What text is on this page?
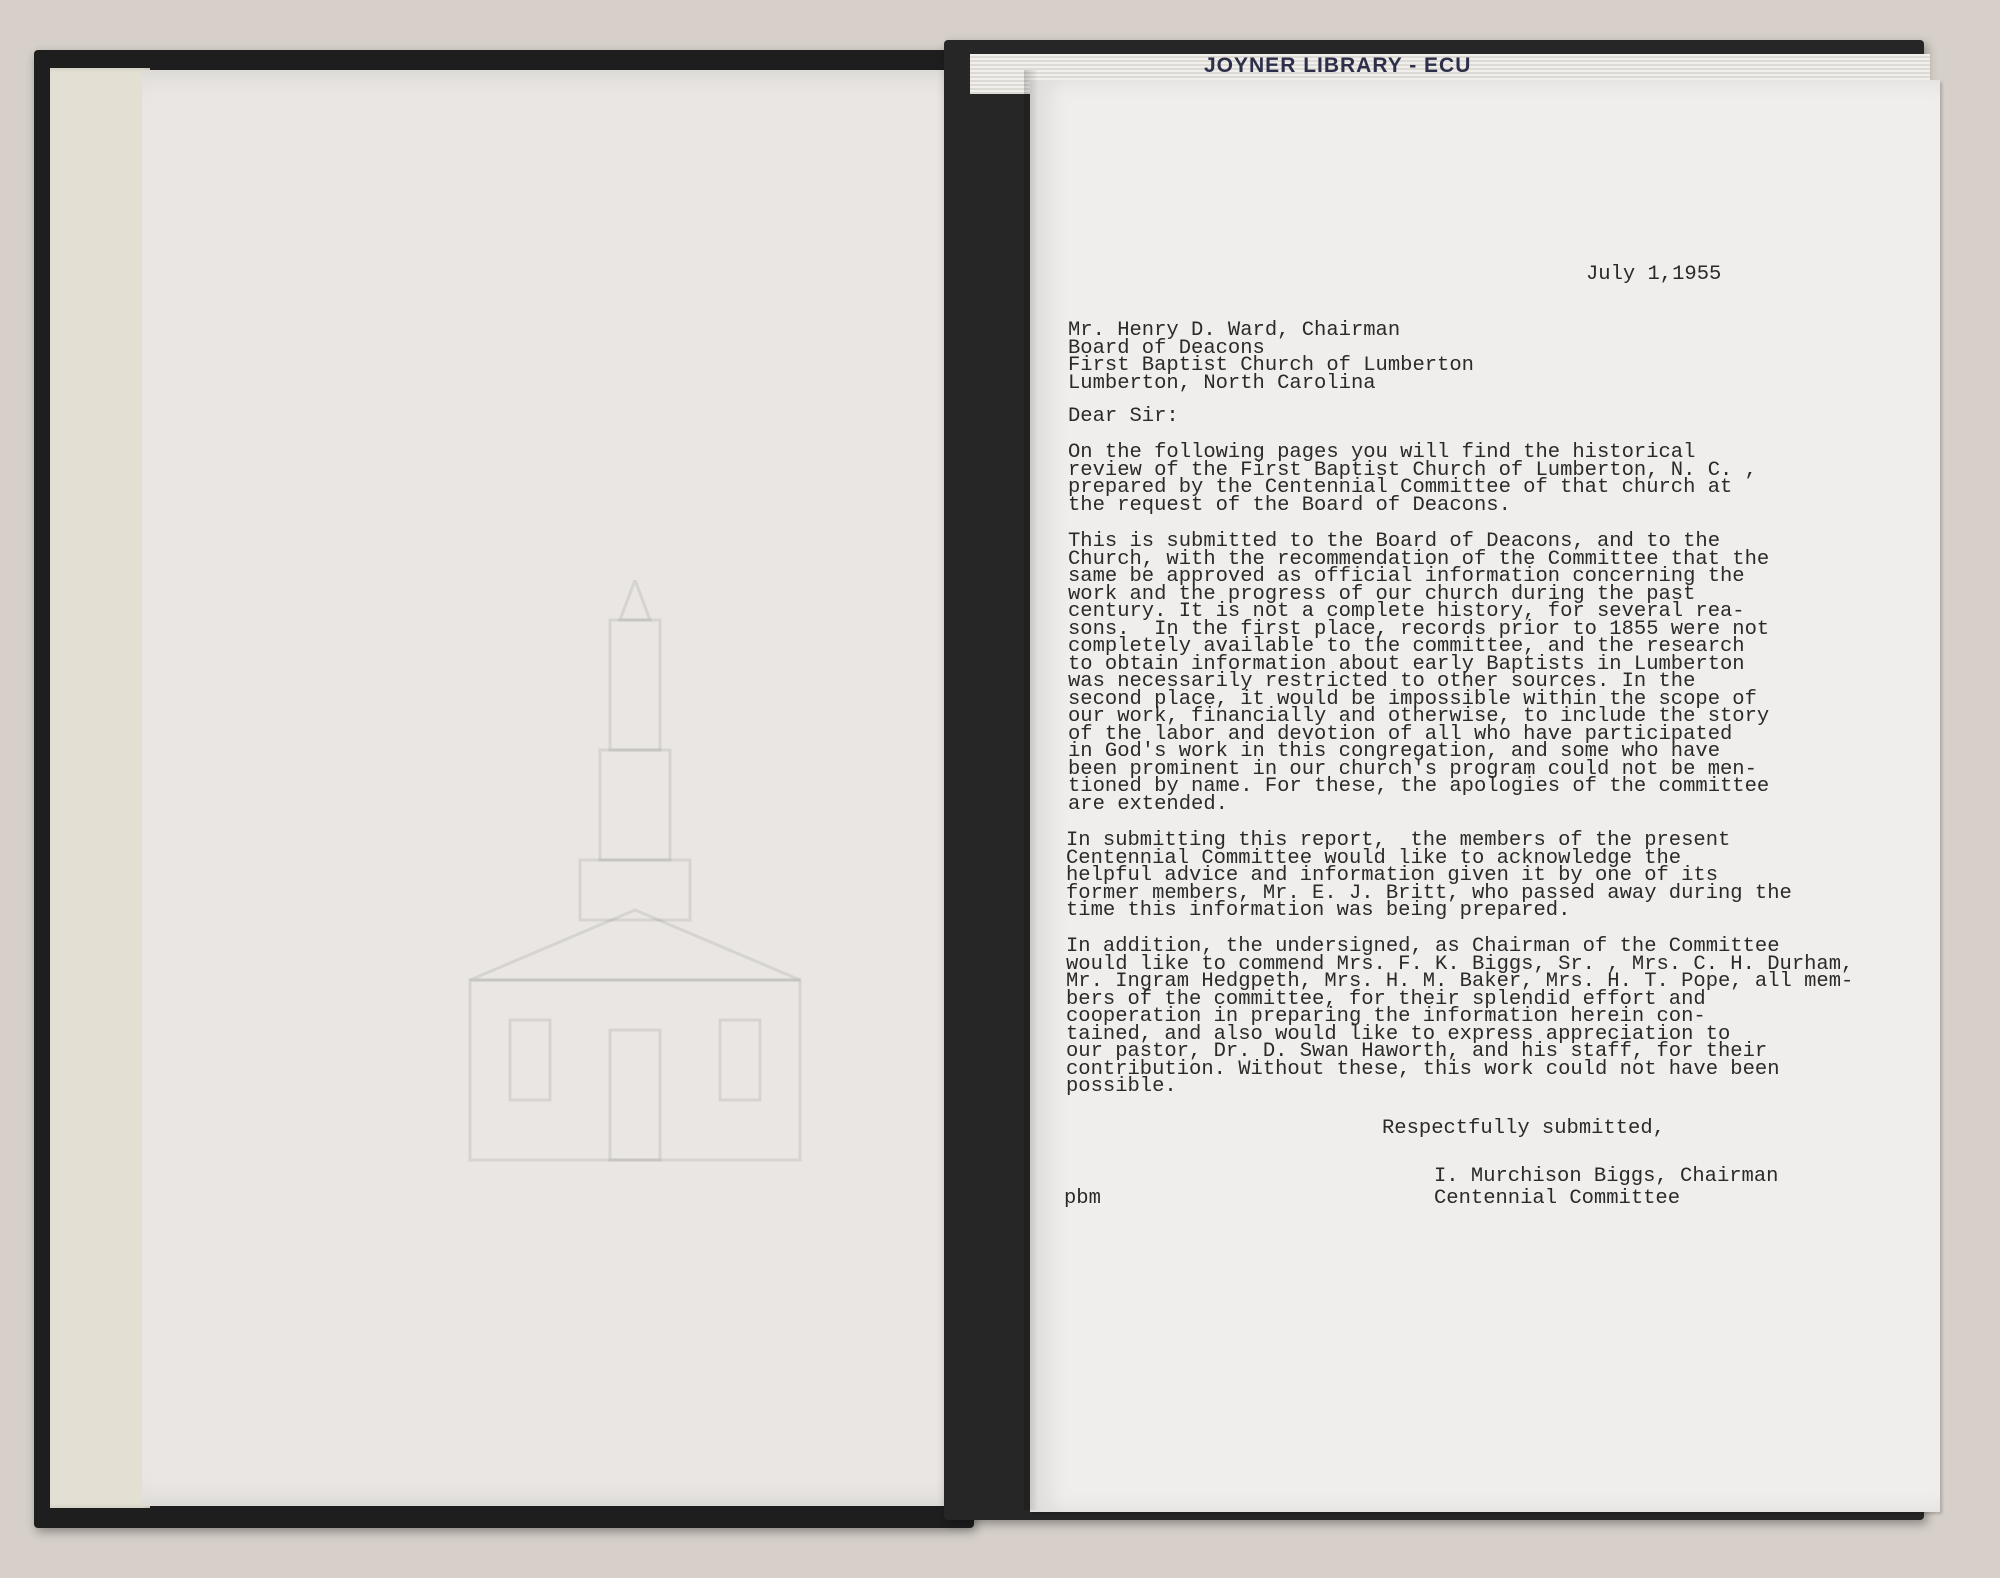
JOYNER LIBRARY - ECU
July 1,1955
Mr. Henry D. Ward, Chairman
Board of Deacons
First Baptist Church of Lumberton
Lumberton, North Carolina
Dear Sir:
On the following pages you will find the historical
review of the First Baptist Church of Lumberton, N. C. ,
prepared by the Centennial Committee of that church at
the request of the Board of Deacons.
This is submitted to the Board of Deacons, and to the
Church, with the recommendation of the Committee that the
same be approved as official information concerning the
work and the progress of our church during the past
century. It is not a complete history, for several rea-
sons.  In the first place, records prior to 1855 were not
completely available to the committee, and the research
to obtain information about early Baptists in Lumberton
was necessarily restricted to other sources. In the
second place, it would be impossible within the scope of
our work, financially and otherwise, to include the story
of the labor and devotion of all who have participated
in God's work in this congregation, and some who have
been prominent in our church's program could not be men-
tioned by name. For these, the apologies of the committee
are extended.
In submitting this report,  the members of the present
Centennial Committee would like to acknowledge the
helpful advice and information given it by one of its
former members, Mr. E. J. Britt, who passed away during the
time this information was being prepared.
In addition, the undersigned, as Chairman of the Committee
would like to commend Mrs. F. K. Biggs, Sr. , Mrs. C. H. Durham,
Mr. Ingram Hedgpeth, Mrs. H. M. Baker, Mrs. H. T. Pope, all mem-
bers of the committee, for their splendid effort and
cooperation in preparing the information herein con-
tained, and also would like to express appreciation to
our pastor, Dr. D. Swan Haworth, and his staff, for their
contribution. Without these, this work could not have been
possible.
Respectfully submitted,
I. Murchison Biggs, Chairman
Centennial Committee
pbm
